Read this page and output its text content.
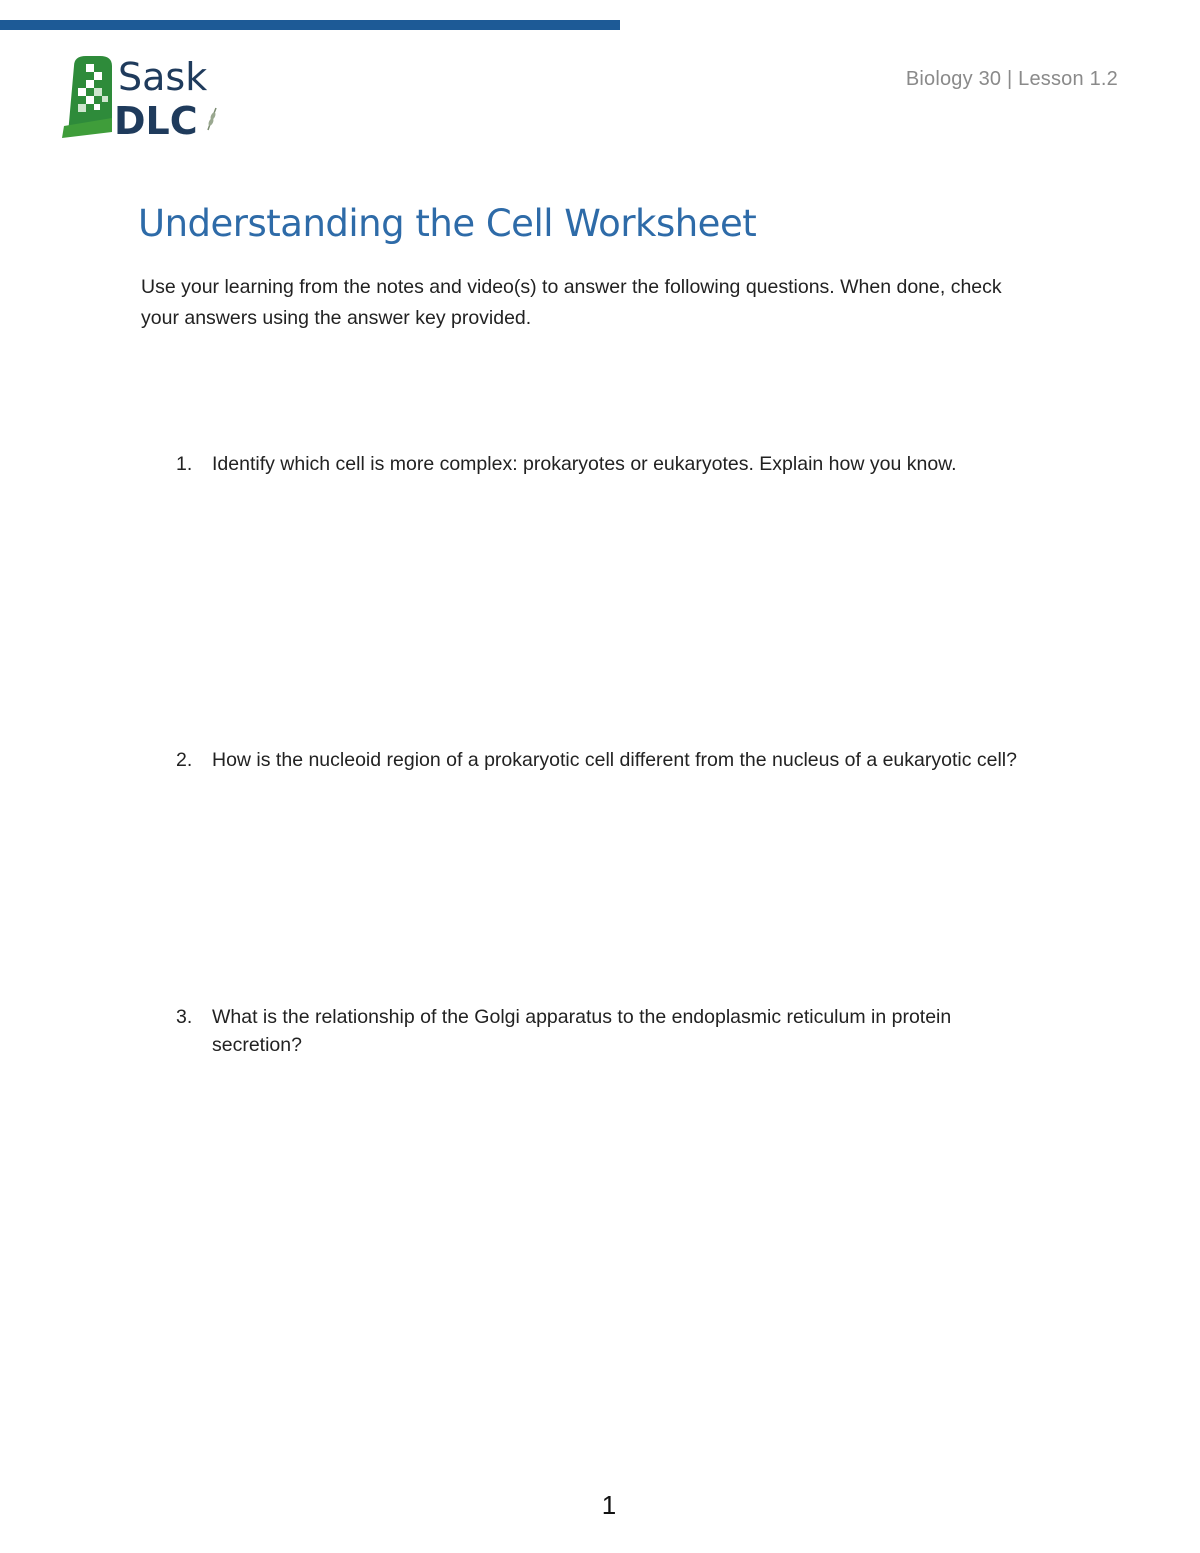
Sask
DLC
Biology 30 | Lesson 1.2
Understanding the Cell Worksheet

Use your learning from the notes and video(s) to answer the following questions. When done, check your answers using the answer key provided.

1.	Identify which cell is more complex: prokaryotes or eukaryotes. Explain how you know.
2.	How is the nucleoid region of a prokaryotic cell different from the nucleus of a eukaryotic cell?
3.	What is the relationship of the Golgi apparatus to the endoplasmic reticulum in protein secretion?
1
